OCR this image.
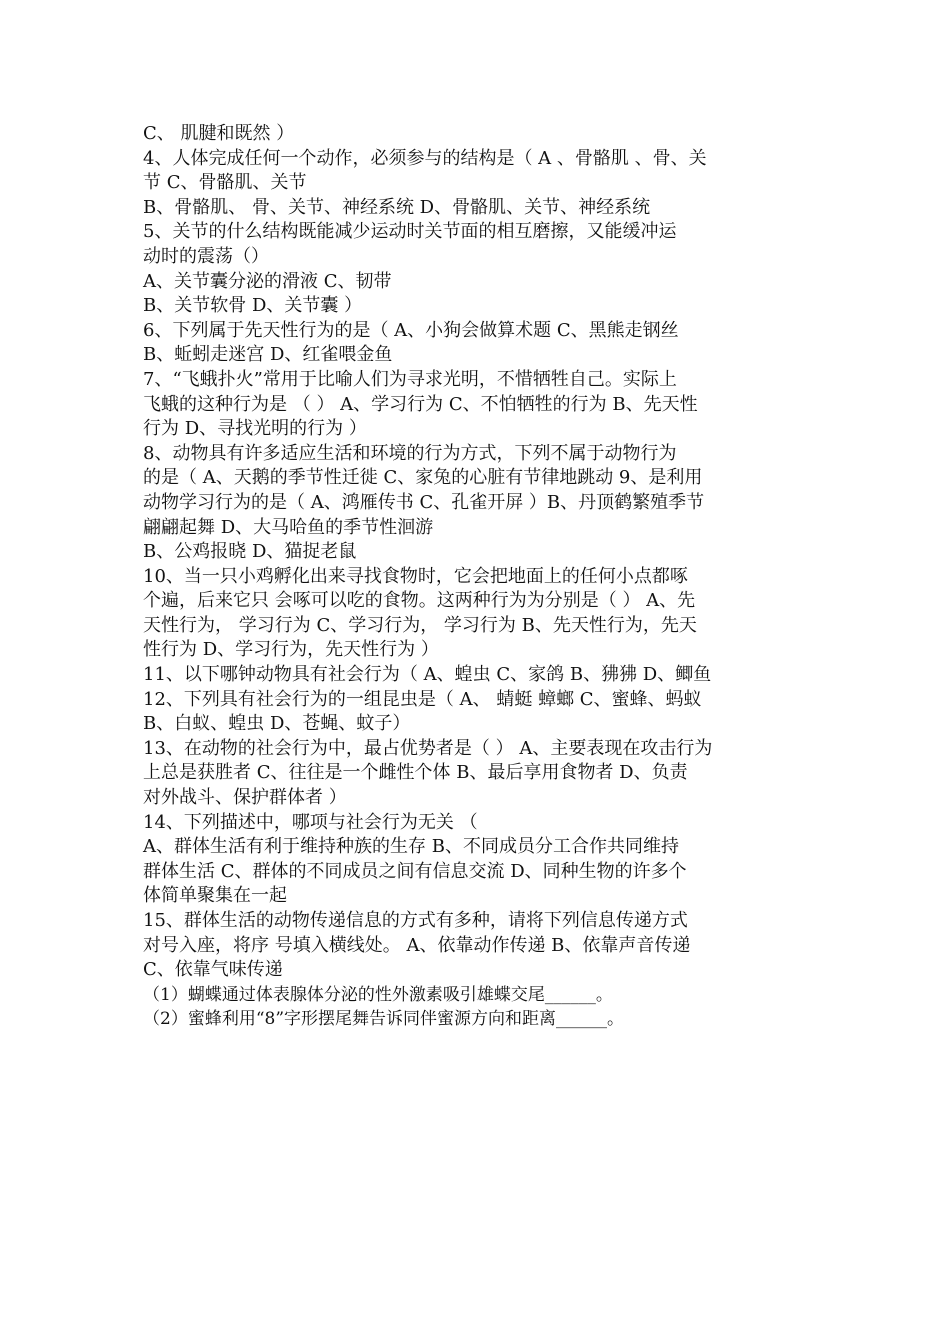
C、 肌腱和既然 ）
4、人体完成任何一个动作，必须参与的结构是（ A 、骨骼肌 、骨、关
节 C、骨骼肌、关节
B、骨骼肌、 骨、关节、神经系统 D、骨骼肌、关节、神经系统
5、关节的什么结构既能减少运动时关节面的相互磨擦，又能缓冲运
动时的震荡（）
A、关节囊分泌的滑液 C、韧带
B、关节软骨 D、关节囊 ）
6、下列属于先天性行为的是（ A、小狗会做算术题 C、黑熊走钢丝
B、蚯蚓走迷宫 D、红雀喂金鱼
7、“飞蛾扑火”常用于比喻人们为寻求光明，不惜牺牲自己。实际上
飞蛾的这种行为是 （ ） A、学习行为 C、不怕牺牲的行为 B、先天性
行为 D、寻找光明的行为 ）
8、动物具有许多适应生活和环境的行为方式，下列不属于动物行为
的是（ A、天鹅的季节性迁徙 C、家兔的心脏有节律地跳动 9、是利用
动物学习行为的是（ A、鸿雁传书 C、孔雀开屏 ）B、丹顶鹤繁殖季节
翩翩起舞 D、大马哈鱼的季节性洄游
B、公鸡报晓 D、猫捉老鼠
10、当一只小鸡孵化出来寻找食物时，它会把地面上的任何小点都啄
个遍，后来它只 会啄可以吃的食物。这两种行为为分别是（ ） A、先
天性行为， 学习行为 C、学习行为， 学习行为 B、先天性行为，先天
性行为 D、学习行为，先天性行为 ）
11、以下哪钟动物具有社会行为（ A、蝗虫 C、家鸽 B、狒狒 D、鲫鱼
12、下列具有社会行为的一组昆虫是（ A、 蜻蜓 蟑螂 C、蜜蜂、蚂蚁
B、白蚁、蝗虫 D、苍蝇、蚊子）
13、在动物的社会行为中，最占优势者是（ ） A、主要表现在攻击行为
上总是获胜者 C、往往是一个雌性个体 B、最后享用食物者 D、负责
对外战斗、保护群体者 ）
14、下列描述中，哪项与社会行为无关 （
A、群体生活有利于维持种族的生存 B、不同成员分工合作共同维持
群体生活 C、群体的不同成员之间有信息交流 D、同种生物的许多个
体简单聚集在一起
15、群体生活的动物传递信息的方式有多种，请将下列信息传递方式
对号入座，将序 号填入横线处。 A、依靠动作传递 B、依靠声音传递
C、依靠气味传递
（1）蝴蝶通过体表腺体分泌的性外激素吸引雄蝶交尾______。
（2）蜜蜂利用“8”字形摆尾舞告诉同伴蜜源方向和距离______。
